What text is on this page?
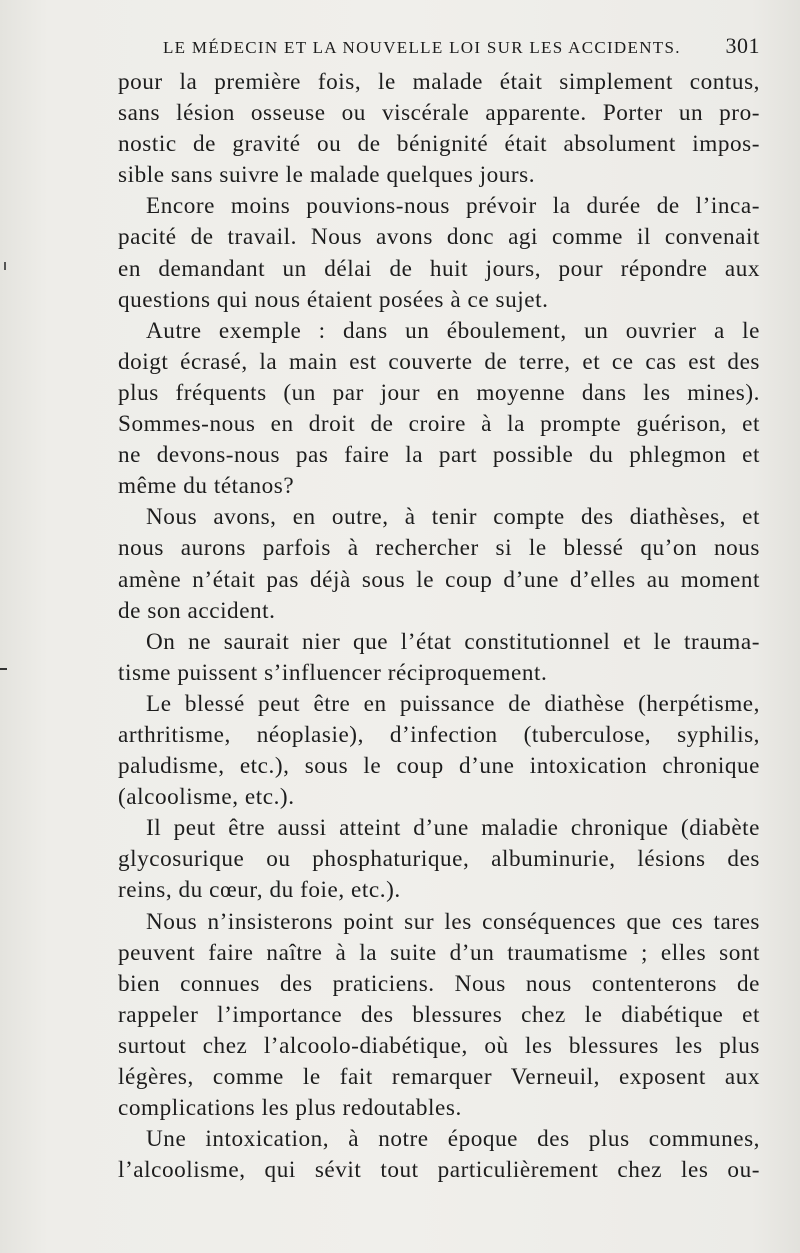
LE MÉDECIN ET LA NOUVELLE LOI SUR LES ACCIDENTS. 301
pour la première fois, le malade était simplement contus,
sans lésion osseuse ou viscérale apparente. Porter un pro-
nostic de gravité ou de bénignité était absolument impos-
sible sans suivre le malade quelques jours.
Encore moins pouvions-nous prévoir la durée de l’inca-
pacité de travail. Nous avons donc agi comme il convenait
en demandant un délai de huit jours, pour répondre aux
questions qui nous étaient posées à ce sujet.
Autre exemple : dans un éboulement, un ouvrier a le
doigt écrasé, la main est couverte de terre, et ce cas est des
plus fréquents (un par jour en moyenne dans les mines).
Sommes-nous en droit de croire à la prompte guérison, et
ne devons-nous pas faire la part possible du phlegmon et
même du tétanos?
Nous avons, en outre, à tenir compte des diathèses, et
nous aurons parfois à rechercher si le blessé qu’on nous
amène n’était pas déjà sous le coup d’une d’elles au moment
de son accident.
On ne saurait nier que l’état constitutionnel et le trauma-
tisme puissent s’influencer réciproquement.
Le blessé peut être en puissance de diathèse (herpétisme,
arthritisme, néoplasie), d’infection (tuberculose, syphilis,
paludisme, etc.), sous le coup d’une intoxication chronique
(alcoolisme, etc.).
Il peut être aussi atteint d’une maladie chronique (diabète
glycosurique ou phosphaturique, albuminurie, lésions des
reins, du cœur, du foie, etc.).
Nous n’insisterons point sur les conséquences que ces tares
peuvent faire naître à la suite d’un traumatisme ; elles sont
bien connues des praticiens. Nous nous contenterons de
rappeler l’importance des blessures chez le diabétique et
surtout chez l’alcoolo-diabétique, où les blessures les plus
légères, comme le fait remarquer Verneuil, exposent aux
complications les plus redoutables.
Une intoxication, à notre époque des plus communes,
l’alcoolisme, qui sévit tout particulièrement chez les ou-
